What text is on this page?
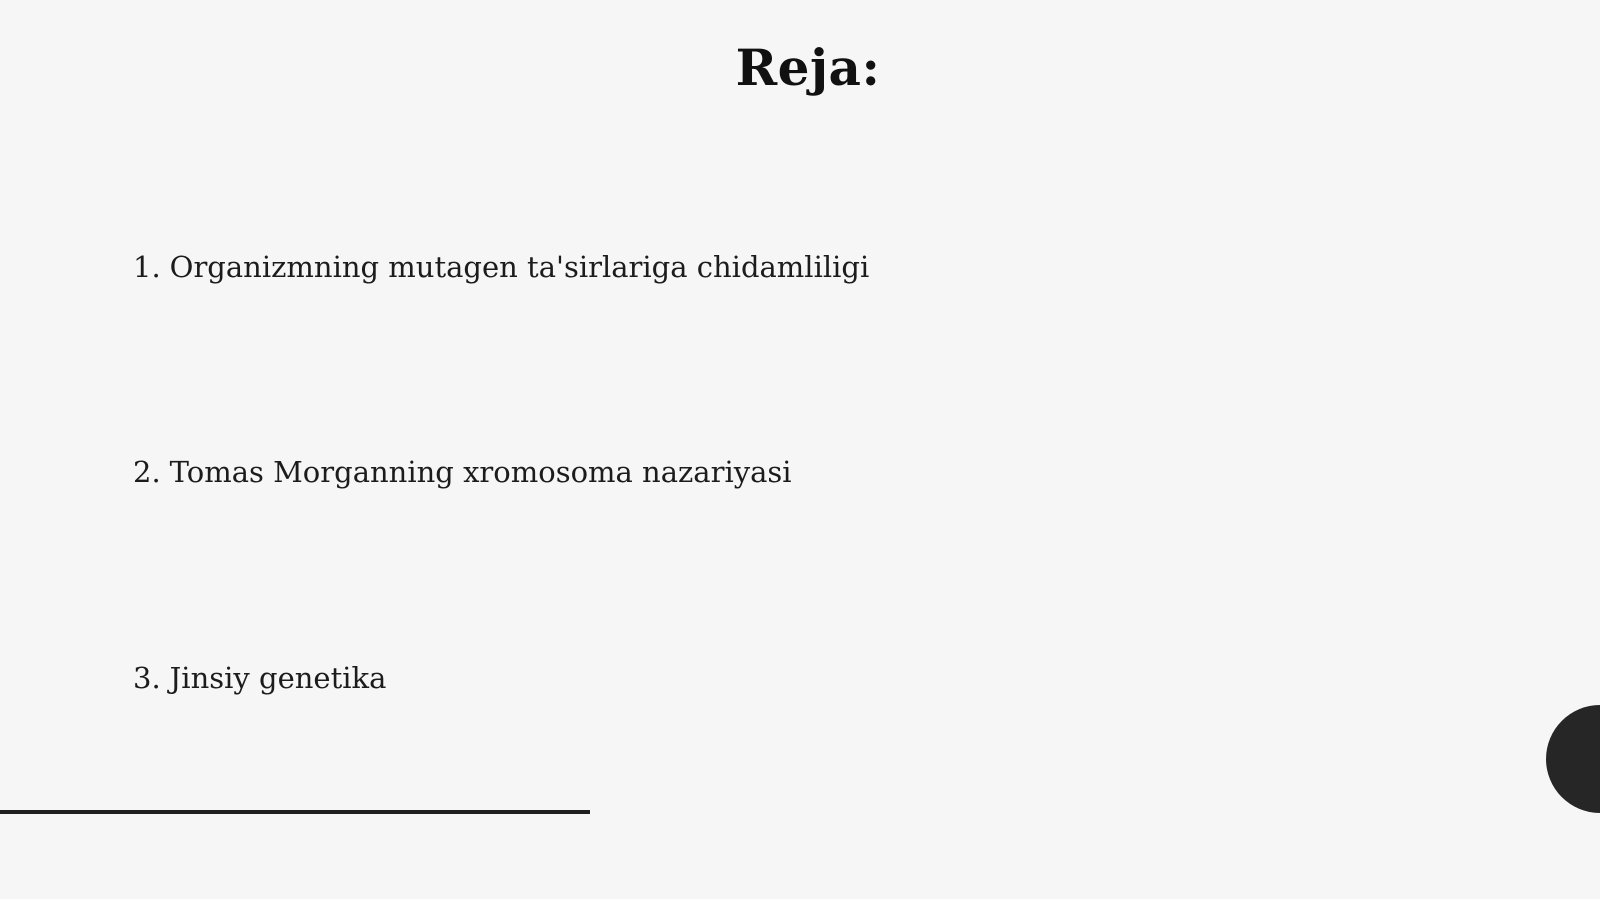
Reja:
1. Organizmning mutagen ta'sirlariga chidamliligi
2. Tomas Morganning xromosoma nazariyasi
3. Jinsiy genetika
